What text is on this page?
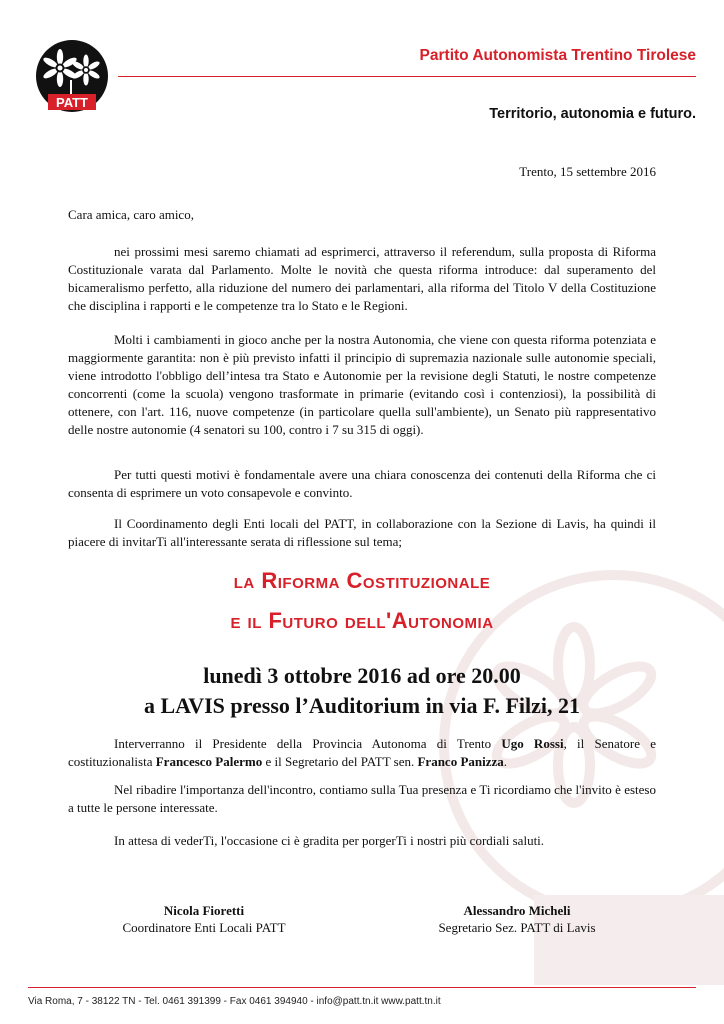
PATT
Partito Autonomista Trentino Tirolese
Territorio, autonomia e futuro.
Trento, 15 settembre 2016
Cara amica, caro amico,

nei prossimi mesi saremo chiamati ad esprimerci, attraverso il referendum, sulla proposta di Riforma Costituzionale varata dal Parlamento. Molte le novità che questa riforma introduce: dal superamento del bicameralismo perfetto, alla riduzione del numero dei parlamentari, alla riforma del Titolo V della Costituzione che disciplina i rapporti e le competenze tra lo Stato e le Regioni.

Molti i cambiamenti in gioco anche per la nostra Autonomia, che viene con questa riforma potenziata e maggiormente garantita: non è più previsto infatti il principio di supremazia nazionale sulle autonomie speciali, viene introdotto l'obbligo dell’intesa tra Stato e Autonomie per la revisione degli Statuti, le nostre competenze concorrenti (come la scuola) vengono trasformate in primarie (evitando così i contenziosi), la possibilità di ottenere, con l'art. 116, nuove competenze (in particolare quella sull'ambiente), un Senato più rappresentativo delle nostre autonomie (4 senatori su 100, contro i 7 su 315 di oggi).

Per tutti questi motivi è fondamentale avere una chiara conoscenza dei contenuti della Riforma che ci consenta di esprimere un voto consapevole e convinto.

Il Coordinamento degli Enti locali del PATT, in collaborazione con la Sezione di Lavis, ha quindi il piacere di invitarTi all'interessante serata di riflessione sul tema;

la Riforma Costituzionale
e il Futuro dell'Autonomia
lunedì 3 ottobre 2016 ad ore 20.00
a LAVIS presso l’Auditorium in via F. Filzi, 21

Interverranno il Presidente della Provincia Autonoma di Trento Ugo Rossi, il Senatore e costituzionalista Francesco Palermo e il Segretario del PATT sen. Franco Panizza.

Nel ribadire l'importanza dell'incontro, contiamo sulla Tua presenza e Ti ricordiamo che l'invito è esteso a tutte le persone interessate.

In attesa di vederTi, l'occasione ci è gradita per porgerTi i nostri più cordiali saluti.

Nicola Fioretti
Coordinatore Enti Locali PATT
Alessandro Micheli
Segretario Sez. PATT di Lavis
Via Roma, 7 - 38122 TN - Tel. 0461 391399 - Fax 0461 394940 - info@patt.tn.it www.patt.tn.it
